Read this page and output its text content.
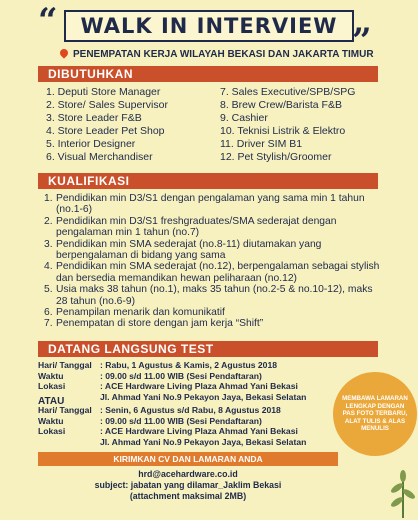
“	WALK IN INTERVIEW ”
PENEMPATAN KERJA WILAYAH BEKASI DAN JAKARTA TIMUR
DIBUTUHKAN
1. Deputi Store Manager
2. Store/ Sales Supervisor
3. Store Leader F&B
4. Store Leader Pet Shop
5. Interior Designer
6. Visual Merchandiser
7. Sales Executive/SPB/SPG
8. Brew Crew/Barista F&B
9. Cashier
10. Teknisi Listrik & Elektro
11. Driver SIM B1
12. Pet Stylish/Groomer
KUALIFIKASI
1. Pendidikan min D3/S1 dengan pengalaman yang sama min 1 tahun (no.1-6)
2. Pendidikan min D3/S1 freshgraduates/SMA sederajat dengan pengalaman min 1 tahun (no.7)
3. Pendidikan min SMA sederajat (no.8-11) diutamakan yang berpengalaman di bidang yang sama
4. Pendidikan min SMA sederajat (no.12), berpengalaman sebagai stylish dan bersedia memandikan hewan peliharaan (no.12)
5. Usia maks 38 tahun (no.1), maks 35 tahun (no.2-5 & no.10-12), maks 28 tahun (no.6-9)
6. Penampilan menarik dan komunikatif
7. Penempatan di store dengan jam kerja “Shift”
DATANG LANGSUNG TEST
Hari/ Tanggal	: Rabu, 1 Agustus & Kamis, 2 Agustus 2018
Waktu	: 09.00 s/d 11.00 WIB (Sesi Pendaftaran)
Lokasi	: ACE Hardware Living Plaza Ahmad Yani Bekasi
	Jl. Ahmad Yani No.9 Pekayon Jaya, Bekasi Selatan
ATAU
Hari/ Tanggal	: Senin, 6 Agustus s/d Rabu, 8 Agustus 2018
Waktu	: 09.00 s/d 11.00 WIB (Sesi Pendaftaran)
Lokasi	: ACE Hardware Living Plaza Ahmad Yani Bekasi
	Jl. Ahmad Yani No.9 Pekayon Jaya, Bekasi Selatan
KIRIMKAN CV DAN LAMARAN ANDA
hrd@acehardware.co.id
subject: jabatan yang dilamar_Jaklim Bekasi
(attachment maksimal 2MB)
MEMBAWA LAMARAN LENGKAP DENGAN PAS FOTO TERBARU, ALAT TULIS & ALAS MENULIS
